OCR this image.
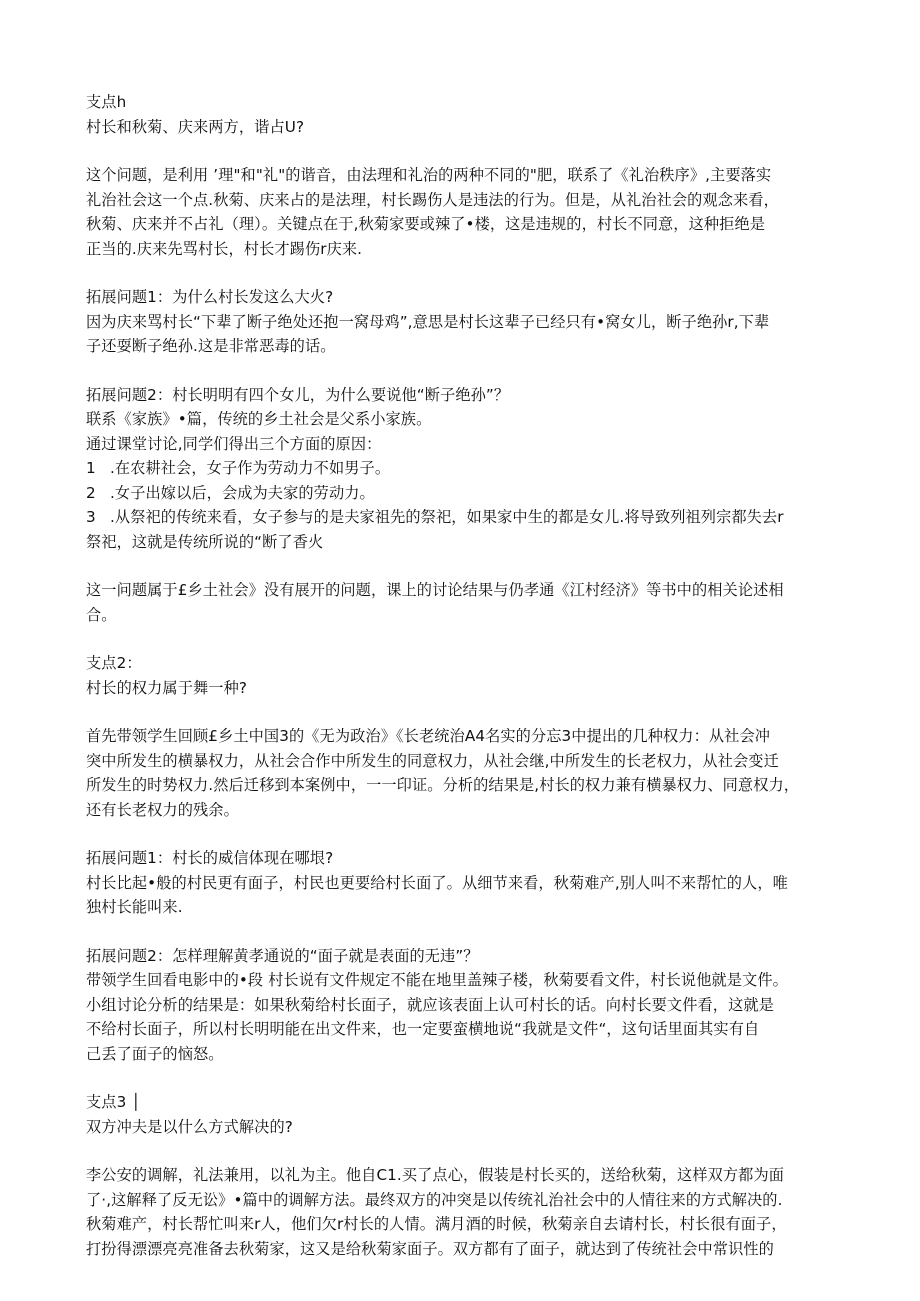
支点h

村长和秋菊、庆来两方，谐占U?

这个问题，是利用 ’理"和"礼"的谐音，由法理和礼治的两种不同的"肥，联系了《礼治秩序》,主要落实

礼治社会这一个点.秋菊、庆来占的是法理，村长踢伤人是违法的行为。但是，从礼治社会的观念来看，

秋菊、庆来并不占礼（理）。关键点在于,秋菊家要或辣了•楼，这是违规的，村长不同意，这种拒绝是

正当的.庆来先骂村长，村长才踢伤r庆来.

拓展问题1：为什么村长发这么大火?

因为庆来骂村长“下辈了断子绝处还抱一窝母鸡”,意思是村长这辈子已经只有•窝女儿，断子绝孙r,下辈

子还耍断子绝孙.这是非常恶毒的话。

拓展问题2：村长明明有四个女儿，为什么要说他“断子绝孙”？

联系《家族》•篇，传统的乡土社会是父系小家族。

通过课堂讨论,同学们得出三个方面的原因：

1 .在农耕社会，女子作为劳动力不如男子。

2 .女子出嫁以后，会成为夫家的劳动力。

3 .从祭祀的传统来看，女子参与的是夫家祖先的祭祀，如果家中生的都是女儿.将导致列祖列宗都失去r

祭祀，这就是传统所说的“断了香火

这一问题属于£乡土社会》没有展开的问题，课上的讨论结果与仍孝通《江村经济》等书中的相关论述相

合。

支点2：

村长的权力属于舞一种?

首先带领学生回顾£乡土中国3的《无为政治》《长老统治A4名实的分忘3中提出的几种权力：从社会冲

突中所发生的横暴权力，从社会合作中所发生的同意权力，从社会继,中所发生的长老权力，从社会变迁

所发生的时势权力.然后迁移到本案例中，一一印证。分析的结果是,村长的权力兼有横暴权力、同意权力，

还有长老权力的残余。

拓展问题1：村长的威信体现在哪垠?

村长比起•般的村民更有面子，村民也更要给村长面了。从细节来看，秋菊难产,别人叫不来帮忙的人，唯

独村长能叫来.

拓展问题2：怎样理解黄孝通说的“面子就是表面的无违”？

带领学生回看电影中的•段 村长说有文件规定不能在地里盖辣子楼，秋菊要看文件，村长说他就是文件。

小组讨论分析的结果是：如果秋菊给村长面子，就应该表面上认可村长的话。向村长要文件看，这就是

不给村长面子，所以村长明明能在出文件来，也一定要蛮横地说“我就是文件“，这句话里面其实有自

己丢了面子的恼怒。

支点3 │

双方冲夫是以什么方式解决的?

李公安的调解，礼法兼用，以礼为主。他自C1.买了点心，假装是村长买的，送给秋菊，这样双方都为面

了·,这解释了反无讼》•篇中的调解方法。最终双方的冲突是以传统礼治社会中的人情往来的方式解决的.

秋菊难产，村长帮忙叫来r人，他们欠r村长的人情。满月酒的时候，秋菊亲自去请村长，村长很有面子，

打扮得漂漂亮亮准备去秋菊家，这又是给秋菊家面子。双方都有了面子，就达到了传统社会中常识性的
